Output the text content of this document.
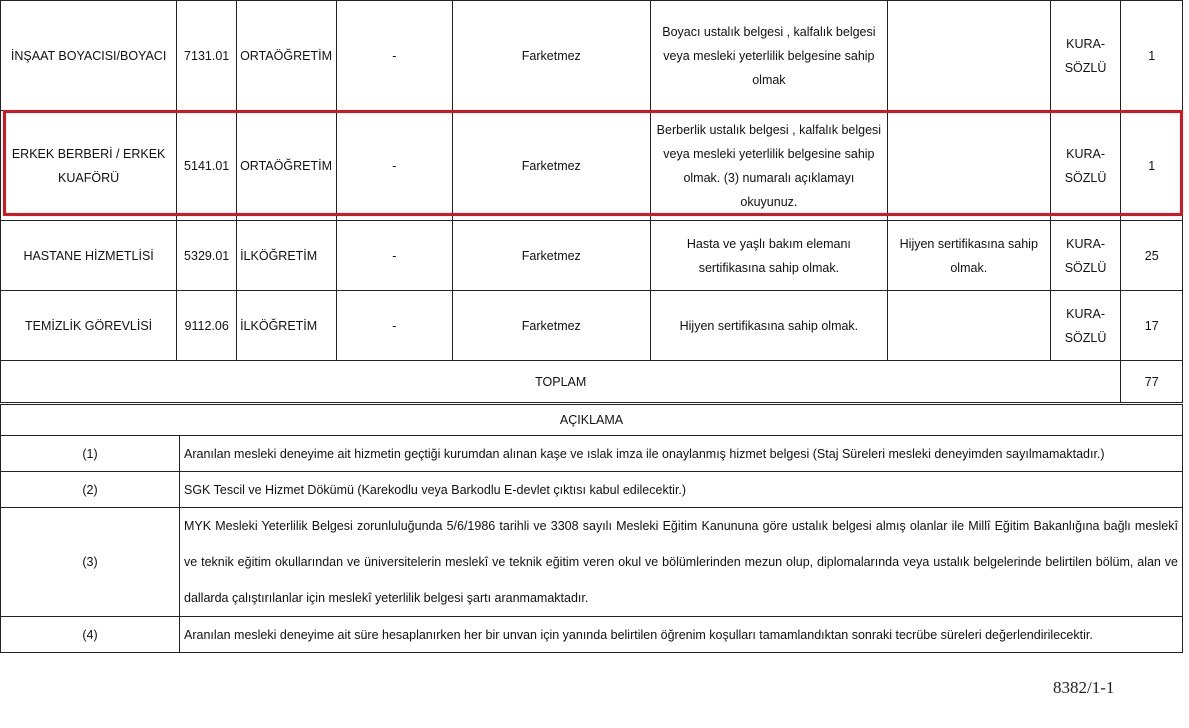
İNŞAAT BOYACISI/BOYACI	7131.01	ORTAÖĞRETİM	-	Farketmez	Boyacı ustalık belgesi , kalfalık belgesi veya mesleki yeterlilik belgesine sahip olmak		KURA-SÖZLÜ	1
ERKEK BERBERİ / ERKEK KUAFÖRÜ	5141.01	ORTAÖĞRETİM	-	Farketmez	Berberlik ustalık belgesi , kalfalık belgesi veya mesleki yeterlilik belgesine sahip olmak. (3) numaralı açıklamayı okuyunuz.		KURA-SÖZLÜ	1
HASTANE HİZMETLİSİ	5329.01	İLKÖĞRETİM	-	Farketmez	Hasta ve yaşlı bakım elemanı sertifikasına sahip olmak.	Hijyen sertifikasına sahip olmak.	KURA-SÖZLÜ	25
TEMİZLİK GÖREVLİSİ	9112.06	İLKÖĞRETİM	-	Farketmez	Hijyen sertifikasına sahip olmak.		KURA-SÖZLÜ	17
TOPLAM								77
AÇIKLAMA	
(1)	Aranılan mesleki deneyime ait hizmetin geçtiği kurumdan alınan kaşe ve ıslak imza ile onaylanmış hizmet belgesi (Staj Süreleri mesleki deneyimden sayılmamaktadır.)
(2)	SGK Tescil ve Hizmet Dökümü (Karekodlu veya Barkodlu E-devlet çıktısı kabul edilecektir.)
(3)	MYK Mesleki Yeterlilik Belgesi zorunluluğunda 5/6/1986 tarihli ve 3308 sayılı Mesleki Eğitim Kanununa göre ustalık belgesi almış olanlar ile Millî Eğitim Bakanlığına bağlı meslekî ve teknik eğitim okullarından ve üniversitelerin meslekî ve teknik eğitim veren okul ve bölümlerinden mezun olup, diplomalarında veya ustalık belgelerinde belirtilen bölüm, alan ve dallarda çalıştırılanlar için meslekî yeterlilik belgesi şartı aranmamaktadır.
(4)	Aranılan mesleki deneyime ait süre hesaplanırken her bir unvan için yanında belirtilen öğrenim koşulları tamamlandıktan sonraki tecrübe süreleri değerlendirilecektir.
8382/1-1
